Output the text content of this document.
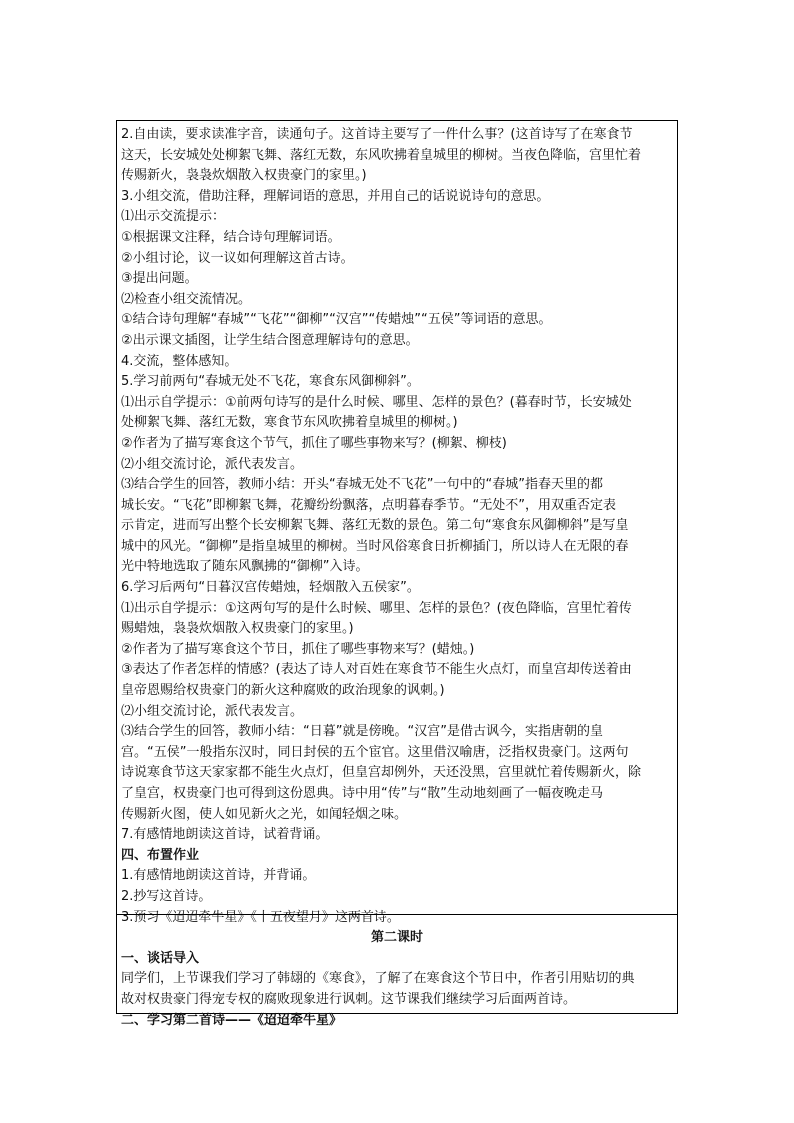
2.自由读，要求读准字音，读通句子。这首诗主要写了一件什么事？(这首诗写了在寒食节
这天，长安城处处柳絮飞舞、落红无数，东风吹拂着皇城里的柳树。当夜色降临，宫里忙着
传赐新火，袅袅炊烟散入权贵豪门的家里。)
3.小组交流，借助注释，理解词语的意思，并用自己的话说说诗句的意思。
⑴出示交流提示：
①根据课文注释，结合诗句理解词语。
②小组讨论，议一议如何理解这首古诗。
③提出问题。
⑵检查小组交流情况。
①结合诗句理解“春城”“飞花”“御柳”“汉宫”“传蜡烛”“五侯”等词语的意思。
②出示课文插图，让学生结合图意理解诗句的意思。
4.交流，整体感知。
5.学习前两句“春城无处不飞花，寒食东风御柳斜”。
⑴出示自学提示：①前两句诗写的是什么时候、哪里、怎样的景色？(暮春时节，长安城处
处柳絮飞舞、落红无数，寒食节东风吹拂着皇城里的柳树。)
②作者为了描写寒食这个节气，抓住了哪些事物来写？(柳絮、柳枝)
⑵小组交流讨论，派代表发言。
⑶结合学生的回答，教师小结：开头“春城无处不飞花”一句中的“春城”指春天里的都
城长安。“飞花”即柳絮飞舞，花瓣纷纷飘落，点明暮春季节。“无处不”，用双重否定表
示肯定，进而写出整个长安柳絮飞舞、落红无数的景色。第二句“寒食东风御柳斜”是写皇
城中的风光。“御柳”是指皇城里的柳树。当时风俗寒食日折柳插门，所以诗人在无限的春
光中特地选取了随东风飘拂的“御柳”入诗。
6.学习后两句“日暮汉宫传蜡烛，轻烟散入五侯家”。
⑴出示自学提示：①这两句写的是什么时候、哪里、怎样的景色？(夜色降临，宫里忙着传
赐蜡烛，袅袅炊烟散入权贵豪门的家里。)
②作者为了描写寒食这个节日，抓住了哪些事物来写？(蜡烛。)
③表达了作者怎样的情感？(表达了诗人对百姓在寒食节不能生火点灯，而皇宫却传送着由
皇帝恩赐给权贵豪门的新火这种腐败的政治现象的讽刺。)
⑵小组交流讨论，派代表发言。
⑶结合学生的回答，教师小结：“日暮”就是傍晚。“汉宫”是借古讽今，实指唐朝的皇
宫。“五侯”一般指东汉时，同日封侯的五个宦官。这里借汉喻唐，泛指权贵豪门。这两句
诗说寒食节这天家家都不能生火点灯，但皇宫却例外，天还没黑，宫里就忙着传赐新火，除
了皇宫，权贵豪门也可得到这份恩典。诗中用“传”与“散”生动地刻画了一幅夜晚走马
传赐新火图，使人如见新火之光，如闻轻烟之味。
7.有感情地朗读这首诗，试着背诵。
四、布置作业
1.有感情地朗读这首诗，并背诵。
2.抄写这首诗。
3.预习《迢迢牵牛星》《十五夜望月》这两首诗。
第二课时
一、谈话导入
同学们，上节课我们学习了韩翃的《寒食》，了解了在寒食这个节日中，作者引用贴切的典
故对权贵豪门得宠专权的腐败现象进行讽刺。这节课我们继续学习后面两首诗。
二、学习第二首诗——《迢迢牵牛星》
